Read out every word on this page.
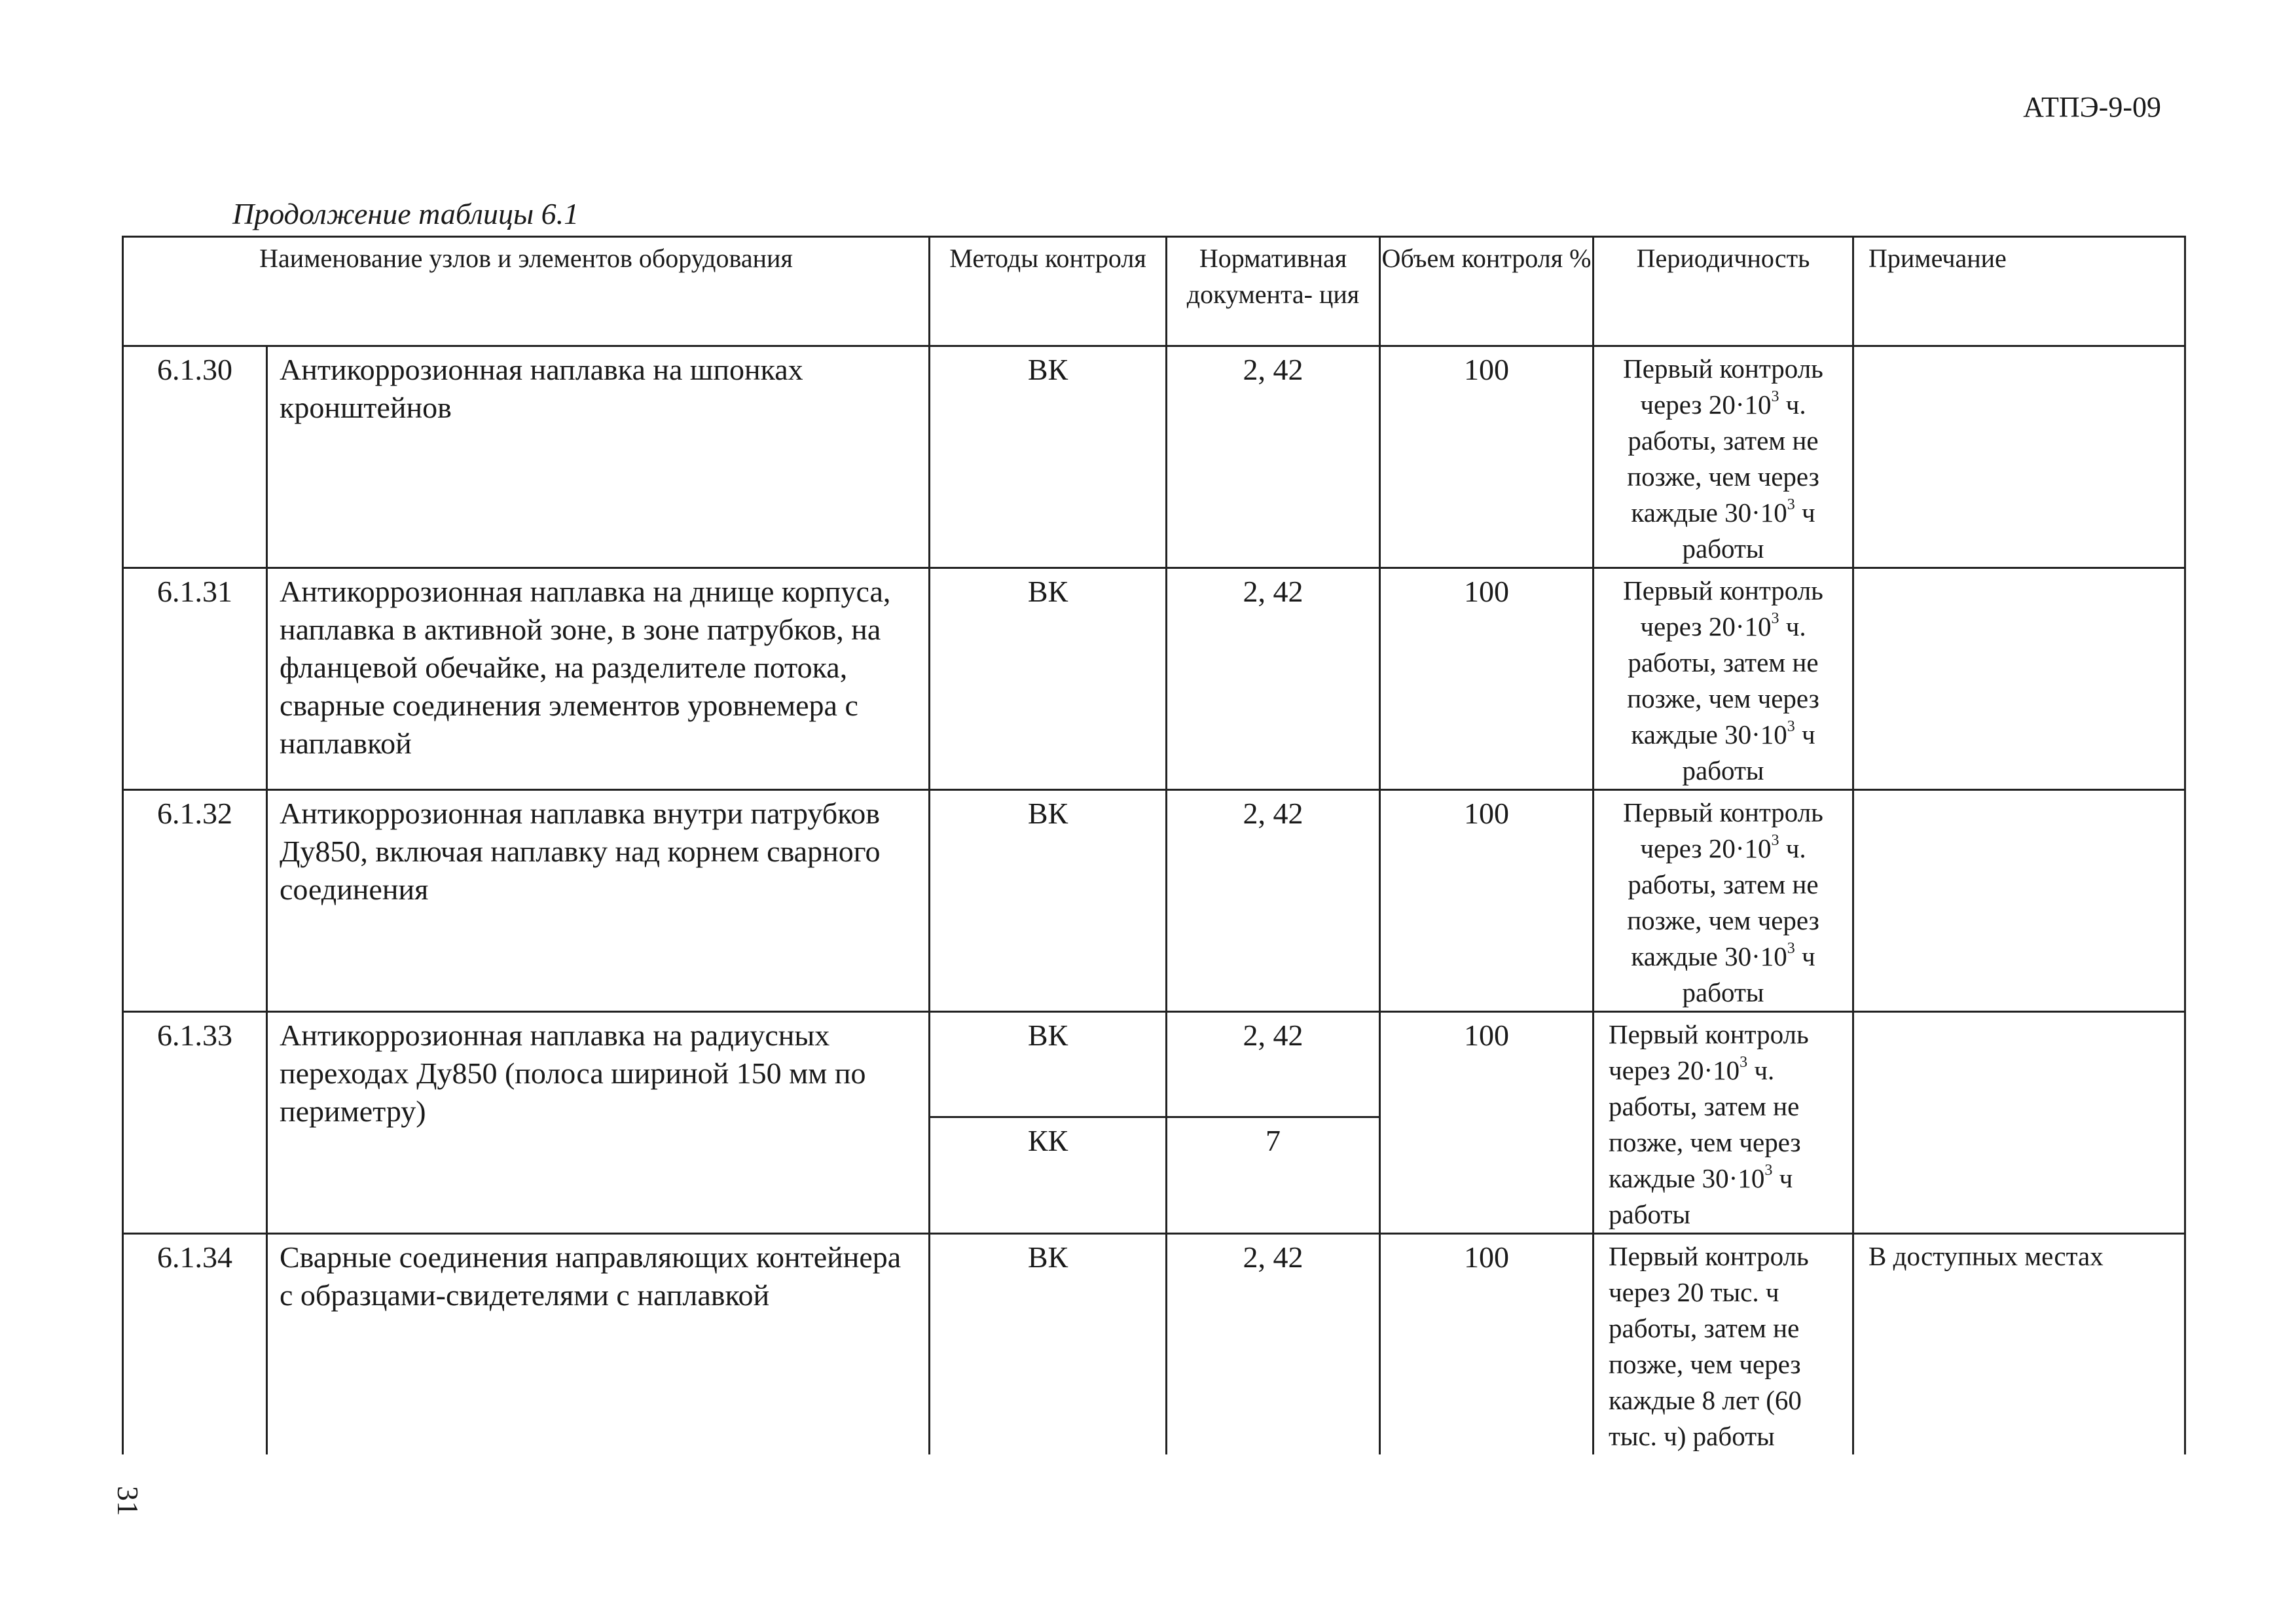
АТПЭ-9-09
Продолжение таблицы 6.1
Наименование узлов и элементов оборудования		Методы контроля	Нормативная документа- ция	Объем контроля %	Периодичность	Примечание
6.1.30	Антикоррозионная наплавка на шпонках кронштейнов	ВК	2, 42	100	Первый контроль через $20\cdot 10^3$ ч. работы, затем не позже, чем через каждые $30\cdot 10^3$ ч работы	
6.1.31	Антикоррозионная наплавка на днище корпуса, наплавка в активной зоне, в зоне патрубков, на фланцевой обечайке, на разделителе потока, сварные соединения элементов уровнемера с наплавкой	ВК	2, 42	100	Первый контроль через $20\cdot 10^3$ ч. работы, затем не позже, чем через каждые $30\cdot 10^3$ ч работы	
6.1.32	Антикоррозионная наплавка внутри патрубков Ду850, включая наплавку над корнем сварного соединения	ВК	2, 42	100	Первый контроль через $20\cdot 10^3$ ч. работы, затем не позже, чем через каждые $30\cdot 10^3$ ч работы	
6.1.33	Антикоррозионная наплавка на радиусных переходах Ду850 (полоса шириной 150 мм по периметру)	ВК	2, 42	100	Первый контроль через $20\cdot 10^3$ ч. работы, затем не позже, чем через каждые $30\cdot 10^3$ ч работы	
		КК	7			
6.1.34	Сварные соединения направляющих контейнера с образцами-свидетелями с наплавкой	ВК	2, 42	100	Первый контроль через 20 тыс. ч работы, затем не позже, чем через каждые 8 лет (60 тыс. ч) работы	В доступных местах
31
